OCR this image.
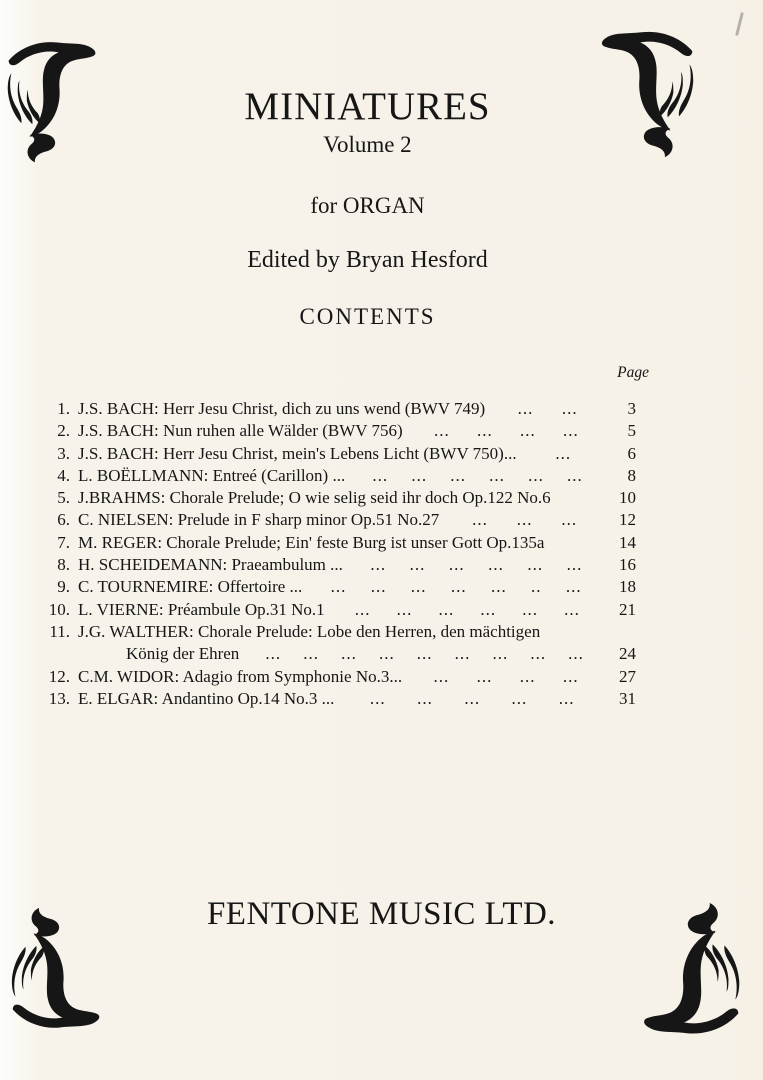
MINIATURES
Volume 2
for ORGAN
Edited by Bryan Hesford
CONTENTS
Page
1. J.S. BACH: Herr Jesu Christ, dich zu uns wend (BWV 749) ... ...	3
2. J.S. BACH: Nun ruhen alle Wälder (BWV 756) ... ... ... ...	5
3. J.S. BACH: Herr Jesu Christ, mein's Lebens Licht (BWV 750)... ...	6
4. L. BOËLLMANN: Entreé (Carillon) ... ... ... ... ... ... ...	8
5. J.BRAHMS: Chorale Prelude; O wie selig seid ihr doch Op.122 No.6	10
6. C. NIELSEN: Prelude in F sharp minor Op.51 No.27 ... ... ...	12
7. M. REGER: Chorale Prelude; Ein' feste Burg ist unser Gott Op.135a	14
8. H. SCHEIDEMANN: Praeambulum ... ... ... ... ... ... ...	16
9. C. TOURNEMIRE: Offertoire ... ... ... ... ... ... .. ...	18
10. L. VIERNE: Préambule Op.31 No.1 ... ... ... ... ... ...	21
11. J.G. WALTHER: Chorale Prelude: Lobe den Herren, den mächtigen
König der Ehren ... ... ... ... ... ... ... ... ...	24
12. C.M. WIDOR: Adagio from Symphonie No.3... ... ... ... ...	27
13. E. ELGAR: Andantino Op.14 No.3 ... ... ... ... ... ...	31
FENTONE MUSIC LTD.
